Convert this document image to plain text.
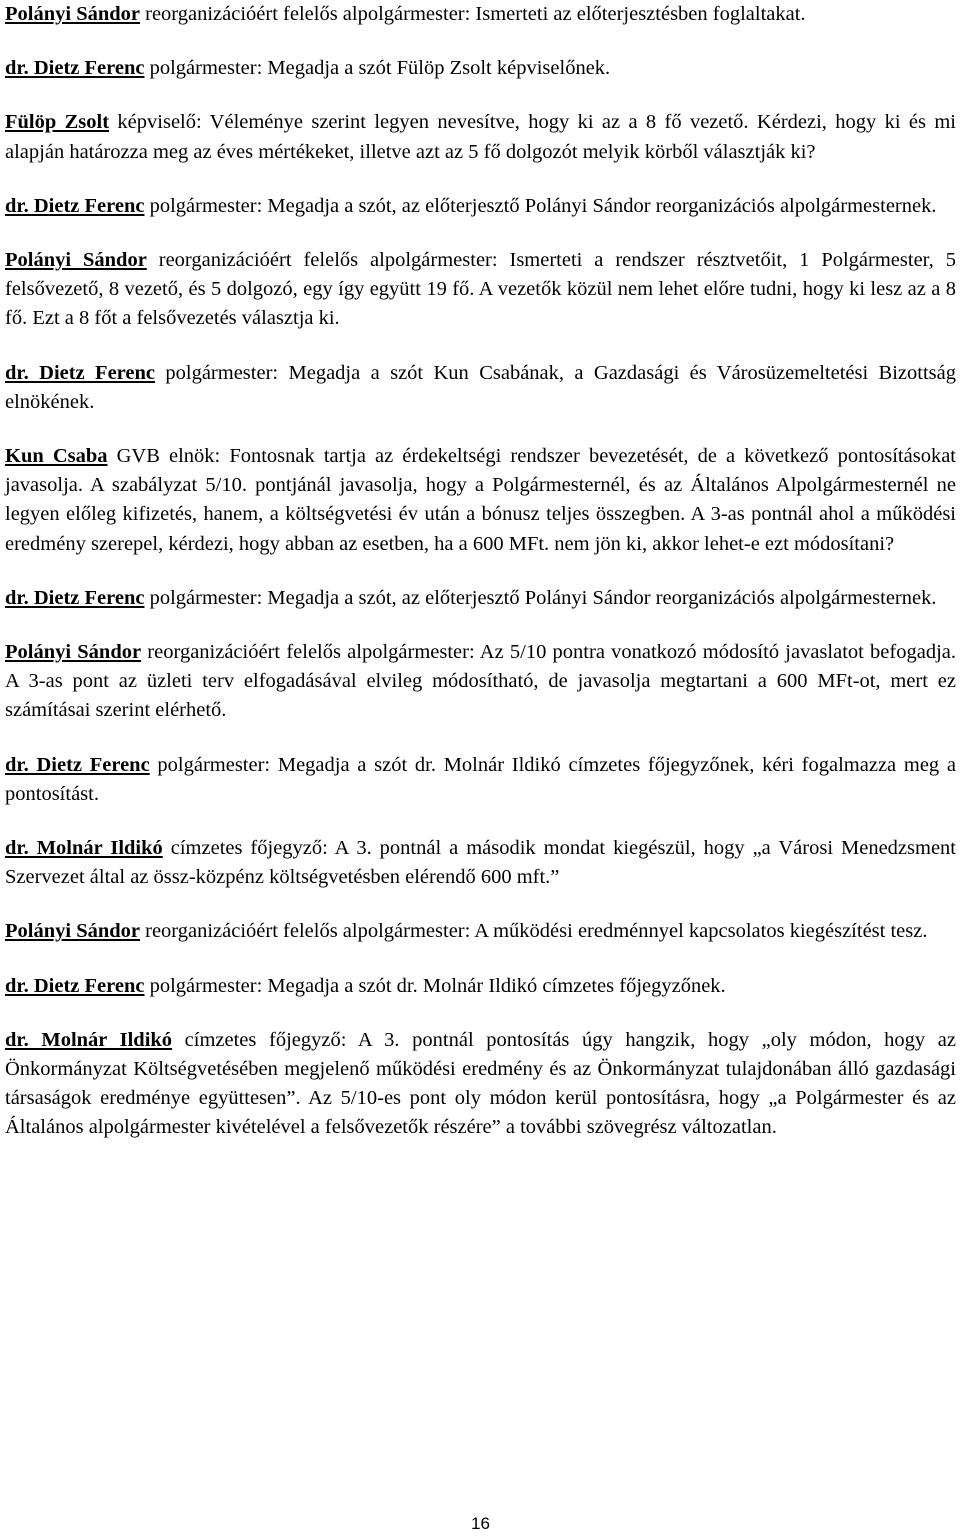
Polányi Sándor reorganizációért felelős alpolgármester: Ismerteti az előterjesztésben foglaltakat.

dr. Dietz Ferenc polgármester: Megadja a szót Fülöp Zsolt képviselőnek.

Fülöp Zsolt képviselő: Véleménye szerint legyen nevesítve, hogy ki az a 8 fő vezető. Kérdezi, hogy ki és mi alapján határozza meg az éves mértékeket, illetve azt az 5 fő dolgozót melyik körből választják ki?

dr. Dietz Ferenc polgármester: Megadja a szót, az előterjesztő Polányi Sándor reorganizációs alpolgármesternek.

Polányi Sándor reorganizációért felelős alpolgármester: Ismerteti a rendszer résztvetőit, 1 Polgármester, 5 felsővezető, 8 vezető, és 5 dolgozó, egy így együtt 19 fő. A vezetők közül nem lehet előre tudni, hogy ki lesz az a 8 fő. Ezt a 8 főt a felsővezetés választja ki.

dr. Dietz Ferenc polgármester: Megadja a szót Kun Csabának, a Gazdasági és Városüzemeltetési Bizottság elnökének.

Kun Csaba GVB elnök: Fontosnak tartja az érdekeltségi rendszer bevezetését, de a következő pontosításokat javasolja. A szabályzat 5/10. pontjánál javasolja, hogy a Polgármesternél, és az Általános Alpolgármesternél ne legyen előleg kifizetés, hanem, a költségvetési év után a bónusz teljes összegben. A 3-as pontnál ahol a működési eredmény szerepel, kérdezi, hogy abban az esetben, ha a 600 MFt. nem jön ki, akkor lehet-e ezt módosítani?

dr. Dietz Ferenc polgármester: Megadja a szót, az előterjesztő Polányi Sándor reorganizációs alpolgármesternek.

Polányi Sándor reorganizációért felelős alpolgármester: Az 5/10 pontra vonatkozó módosító javaslatot befogadja. A 3-as pont az üzleti terv elfogadásával elvileg módosítható, de javasolja megtartani a 600 MFt-ot, mert ez számításai szerint elérhető.

dr. Dietz Ferenc polgármester: Megadja a szót dr. Molnár Ildikó címzetes főjegyzőnek, kéri fogalmazza meg a pontosítást.

dr. Molnár Ildikó címzetes főjegyző: A 3. pontnál a második mondat kiegészül, hogy „a Városi Menedzsment Szervezet által az össz-közpénz költségvetésben elérendő 600 mft.”

Polányi Sándor reorganizációért felelős alpolgármester: A működési eredménnyel kapcsolatos kiegészítést tesz.

dr. Dietz Ferenc polgármester: Megadja a szót dr. Molnár Ildikó címzetes főjegyzőnek.

dr. Molnár Ildikó címzetes főjegyző: A 3. pontnál pontosítás úgy hangzik, hogy „oly módon, hogy az Önkormányzat Költségvetésében megjelenő működési eredmény és az Önkormányzat tulajdonában álló gazdasági társaságok eredménye együttesen”. Az 5/10-es pont oly módon kerül pontosításra, hogy „a Polgármester és az Általános alpolgármester kivételével a felsővezetők részére” a további szövegrész változatlan.

16
